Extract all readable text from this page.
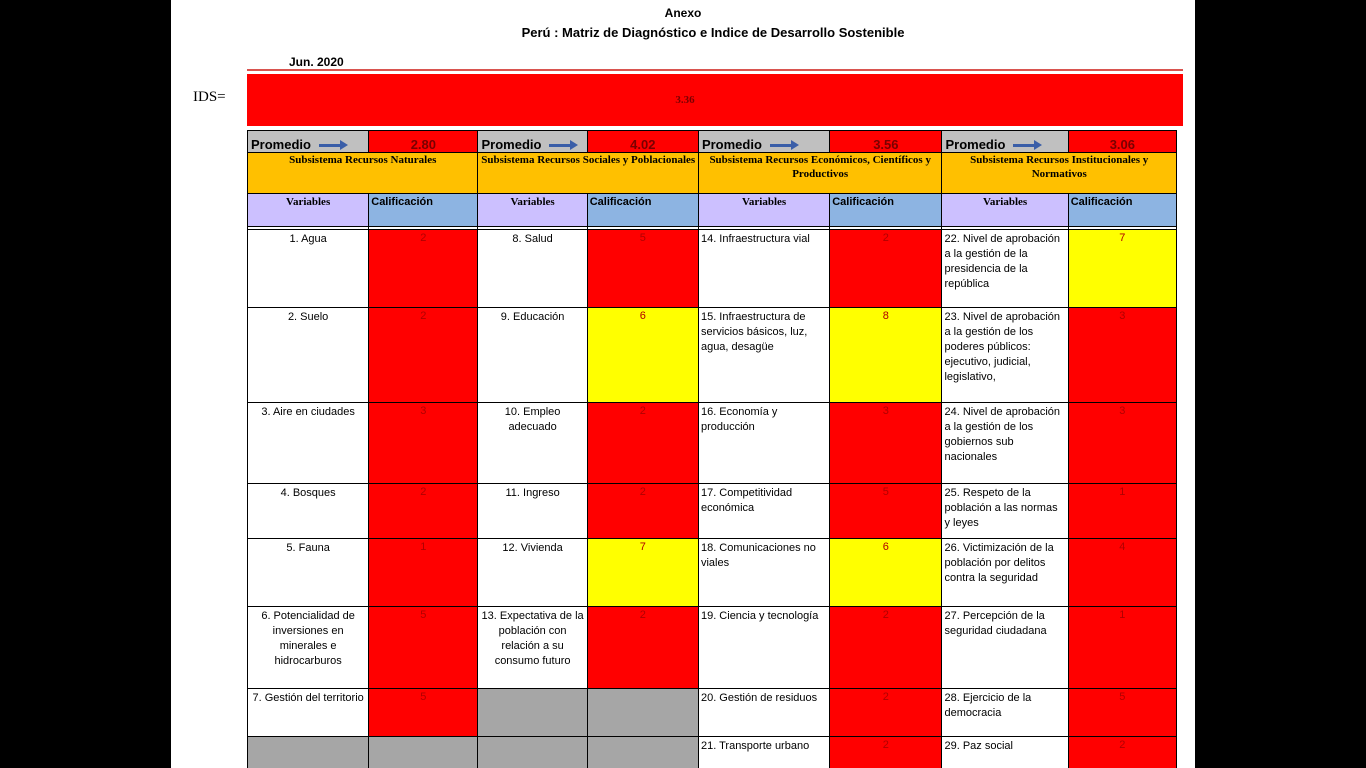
Anexo
Perú : Matriz de Diagnóstico e Indice de Desarrollo Sostenible
Jun. 2020
IDS=	3.36
Promedio	2.80	Promedio	4.02	Promedio	3.56	Promedio	3.06
Subsistema Recursos Naturales		Subsistema Recursos Sociales y Poblacionales		Subsistema Recursos Económicos, Científicos y Productivos		Subsistema Recursos Institucionales y Normativos	
Variables	Calificación	Variables	Calificación	Variables	Calificación	Variables	Calificación

1. Agua	2	8. Salud	5	14. Infraestructura vial	2	22. Nivel de aprobación a la gestión de la presidencia de la república	7
2. Suelo	2	9. Educación	6	15. Infraestructura de servicios básicos, luz, agua, desagüe	8	23. Nivel de aprobación a la gestión de los poderes públicos: ejecutivo, judicial, legislativo,	3
3. Aire en ciudades	3	10. Empleo adecuado	2	16. Economía y producción	3	24. Nivel de aprobación a la gestión de los gobiernos sub nacionales	3
4. Bosques	2	11. Ingreso	2	17. Competitividad económica	5	25. Respeto de la población a las normas y leyes	1
5. Fauna	1	12. Vivienda	7	18. Comunicaciones no viales	6	26. Victimización de la población por delitos contra la seguridad	4
6. Potencialidad de inversiones en minerales e hidrocarburos	5	13. Expectativa de la población con relación a su consumo futuro	2	19. Ciencia y tecnología	2	27. Percepción de la seguridad ciudadana	1
7. Gestión del territorio	5			20. Gestión de residuos	2	28. Ejercicio de la democracia	5
				21. Transporte urbano	2	29. Paz social	2
